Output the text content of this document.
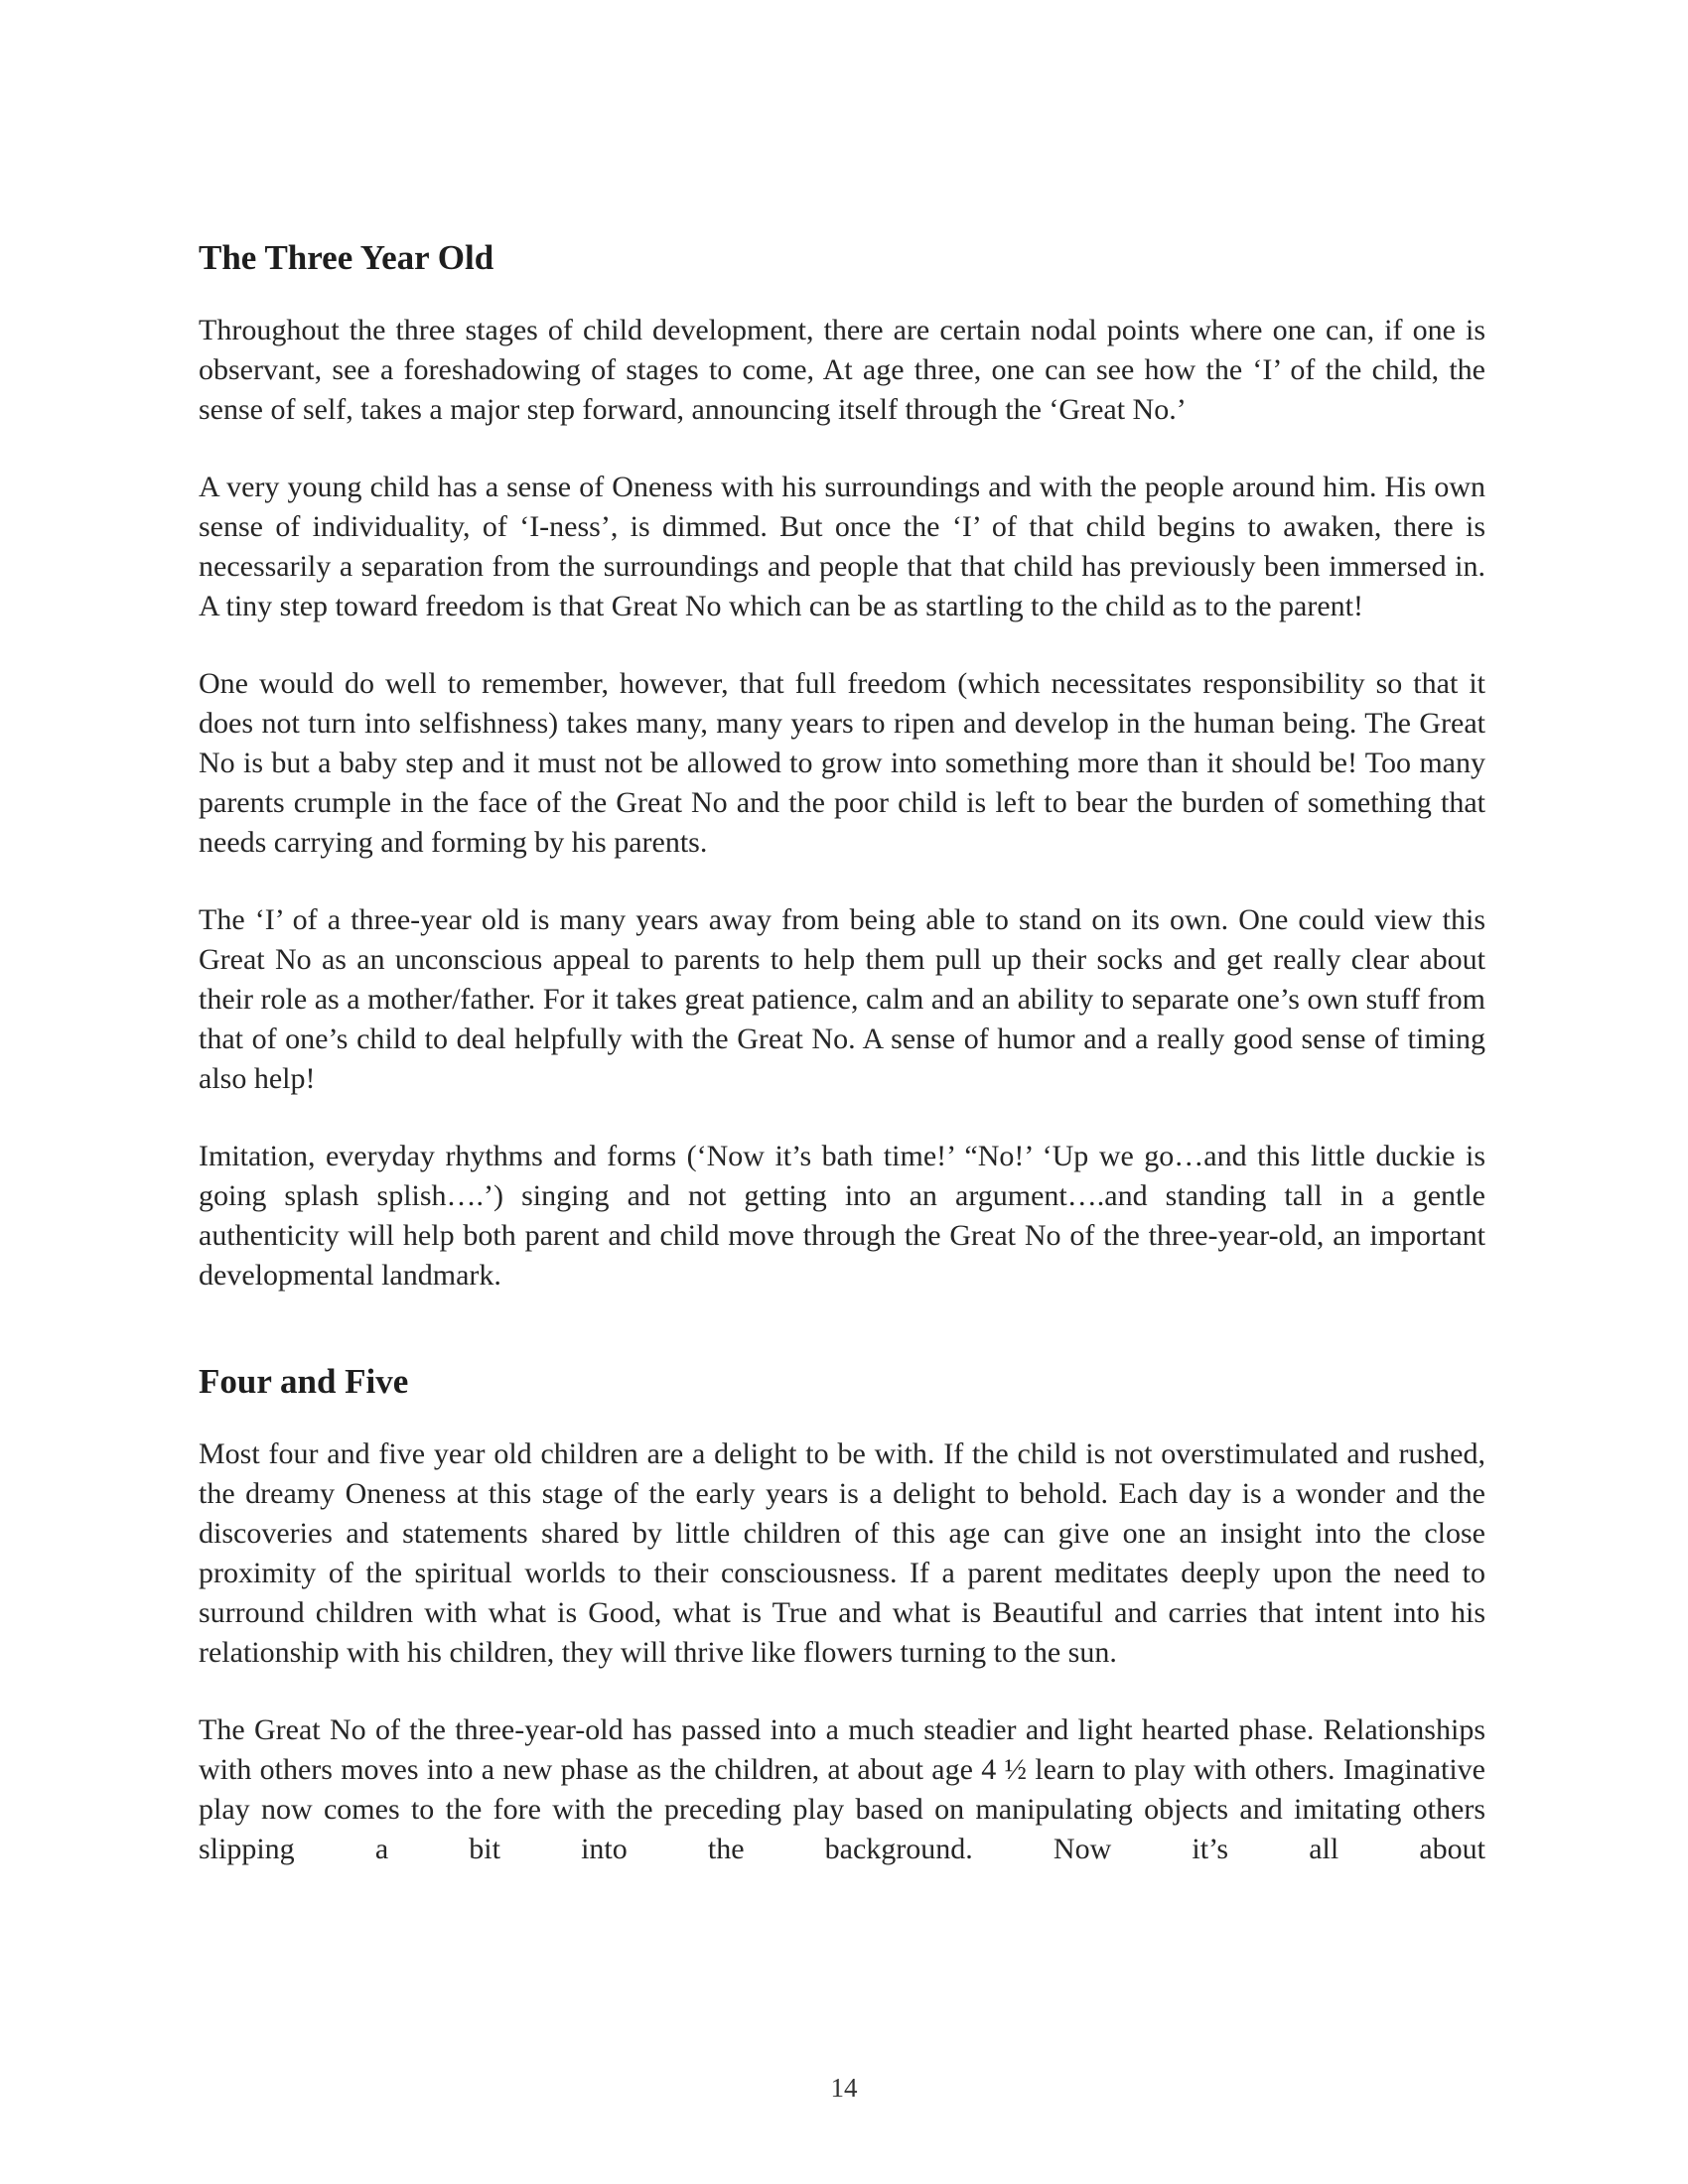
The Three Year Old

Throughout the three stages of child development, there are certain nodal points where one can, if one is observant, see a foreshadowing of stages to come, At age three, one can see how the ‘I’ of the child, the sense of self, takes a major step forward, announcing itself through the ‘Great No.’

A very young child has a sense of Oneness with his surroundings and with the people around him. His own sense of individuality, of ‘I-ness’, is dimmed. But once the ‘I’ of that child begins to awaken, there is necessarily a separation from the surroundings and people that that child has previously been immersed in. A tiny step toward freedom is that Great No which can be as startling to the child as to the parent!

One would do well to remember, however, that full freedom (which necessitates responsibility so that it does not turn into selfishness) takes many, many years to ripen and develop in the human being. The Great No is but a baby step and it must not be allowed to grow into something more than it should be! Too many parents crumple in the face of the Great No and the poor child is left to bear the burden of something that needs carrying and forming by his parents.

The ‘I’ of a three-year old is many years away from being able to stand on its own. One could view this Great No as an unconscious appeal to parents to help them pull up their socks and get really clear about their role as a mother/father. For it takes great patience, calm and an ability to separate one’s own stuff from that of one’s child to deal helpfully with the Great No. A sense of humor and a really good sense of timing also help!

Imitation, everyday rhythms and forms (‘Now it’s bath time!’ “No!’ ‘Up we go…and this little duckie is going splash splish….’) singing and not getting into an argument….and standing tall in a gentle authenticity will help both parent and child move through the Great No of the three-year-old, an important developmental landmark.

Four and Five

Most four and five year old children are a delight to be with. If the child is not overstimulated and rushed, the dreamy Oneness at this stage of the early years is a delight to behold. Each day is a wonder and the discoveries and statements shared by little children of this age can give one an insight into the close proximity of the spiritual worlds to their consciousness. If a parent meditates deeply upon the need to surround children with what is Good, what is True and what is Beautiful and carries that intent into his relationship with his children, they will thrive like flowers turning to the sun.

The Great No of the three-year-old has passed into a much steadier and light hearted phase. Relationships with others moves into a new phase as the children, at about age 4 ½ learn to play with others. Imaginative play now comes to the fore with the preceding play based on manipulating objects and imitating others slipping a bit into the background. Now it’s all about

14
